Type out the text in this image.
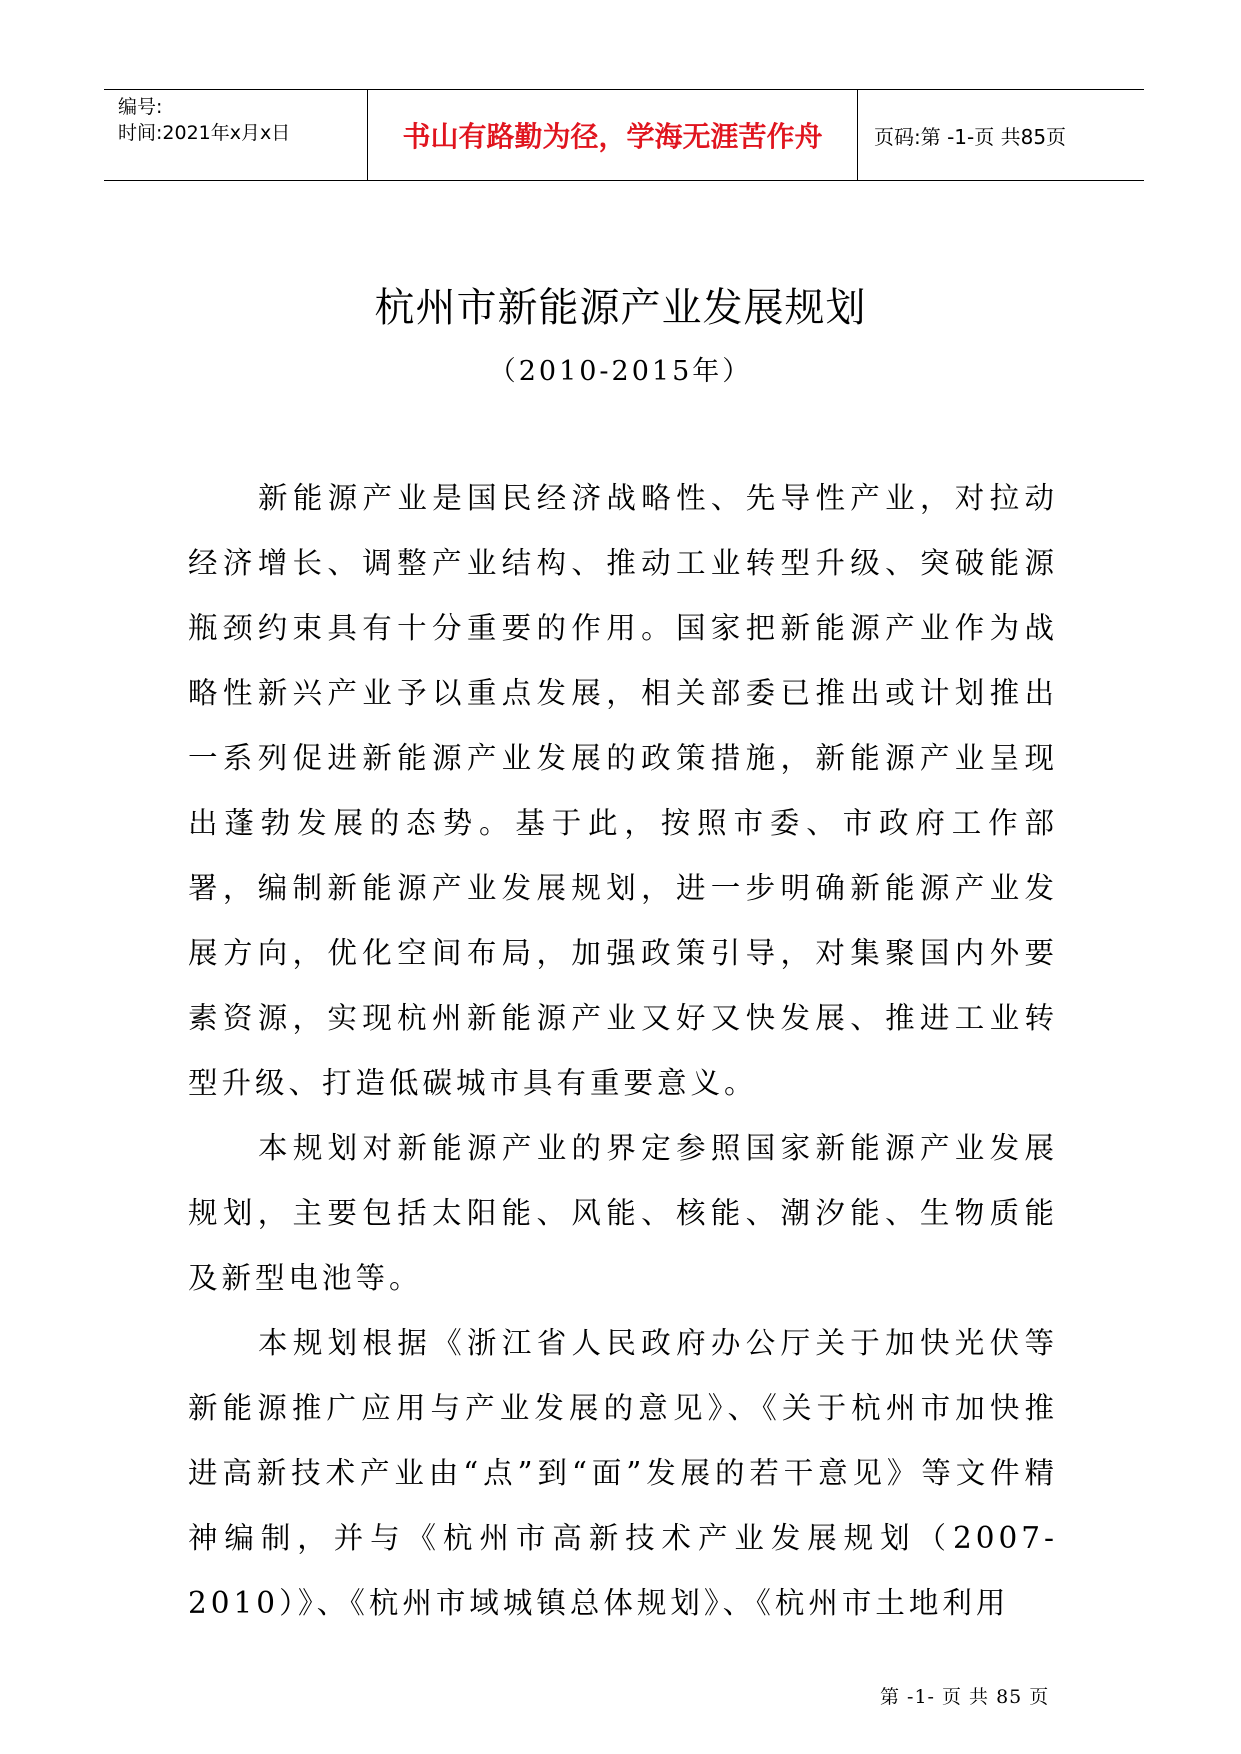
编号:
时间:2021年x月x日	书山有路勤为径，学海无涯苦作舟	页码:第 -1-页 共85页
杭州市新能源产业发展规划
（2010-2015年）

新能源产业是国民经济战略性、先导性产业，对拉动经济增长、调整产业结构、推动工业转型升级、突破能源瓶颈约束具有十分重要的作用。国家把新能源产业作为战略性新兴产业予以重点发展，相关部委已推出或计划推出一系列促进新能源产业发展的政策措施，新能源产业呈现出蓬勃发展的态势。基于此，按照市委、市政府工作部署，编制新能源产业发展规划，进一步明确新能源产业发展方向，优化空间布局，加强政策引导，对集聚国内外要素资源，实现杭州新能源产业又好又快发展、推进工业转型升级、打造低碳城市具有重要意义。

本规划对新能源产业的界定参照国家新能源产业发展规划，主要包括太阳能、风能、核能、潮汐能、生物质能及新型电池等。

本规划根据《浙江省人民政府办公厅关于加快光伏等新能源推广应用与产业发展的意见》、《关于杭州市加快推进高新技术产业由“点”到“面”发展的若干意见》等文件精神编制，并与《杭州市高新技术产业发展规划（2007-2010）》、《杭州市域城镇总体规划》、《杭州市土地利用

第 -1- 页 共 85 页
